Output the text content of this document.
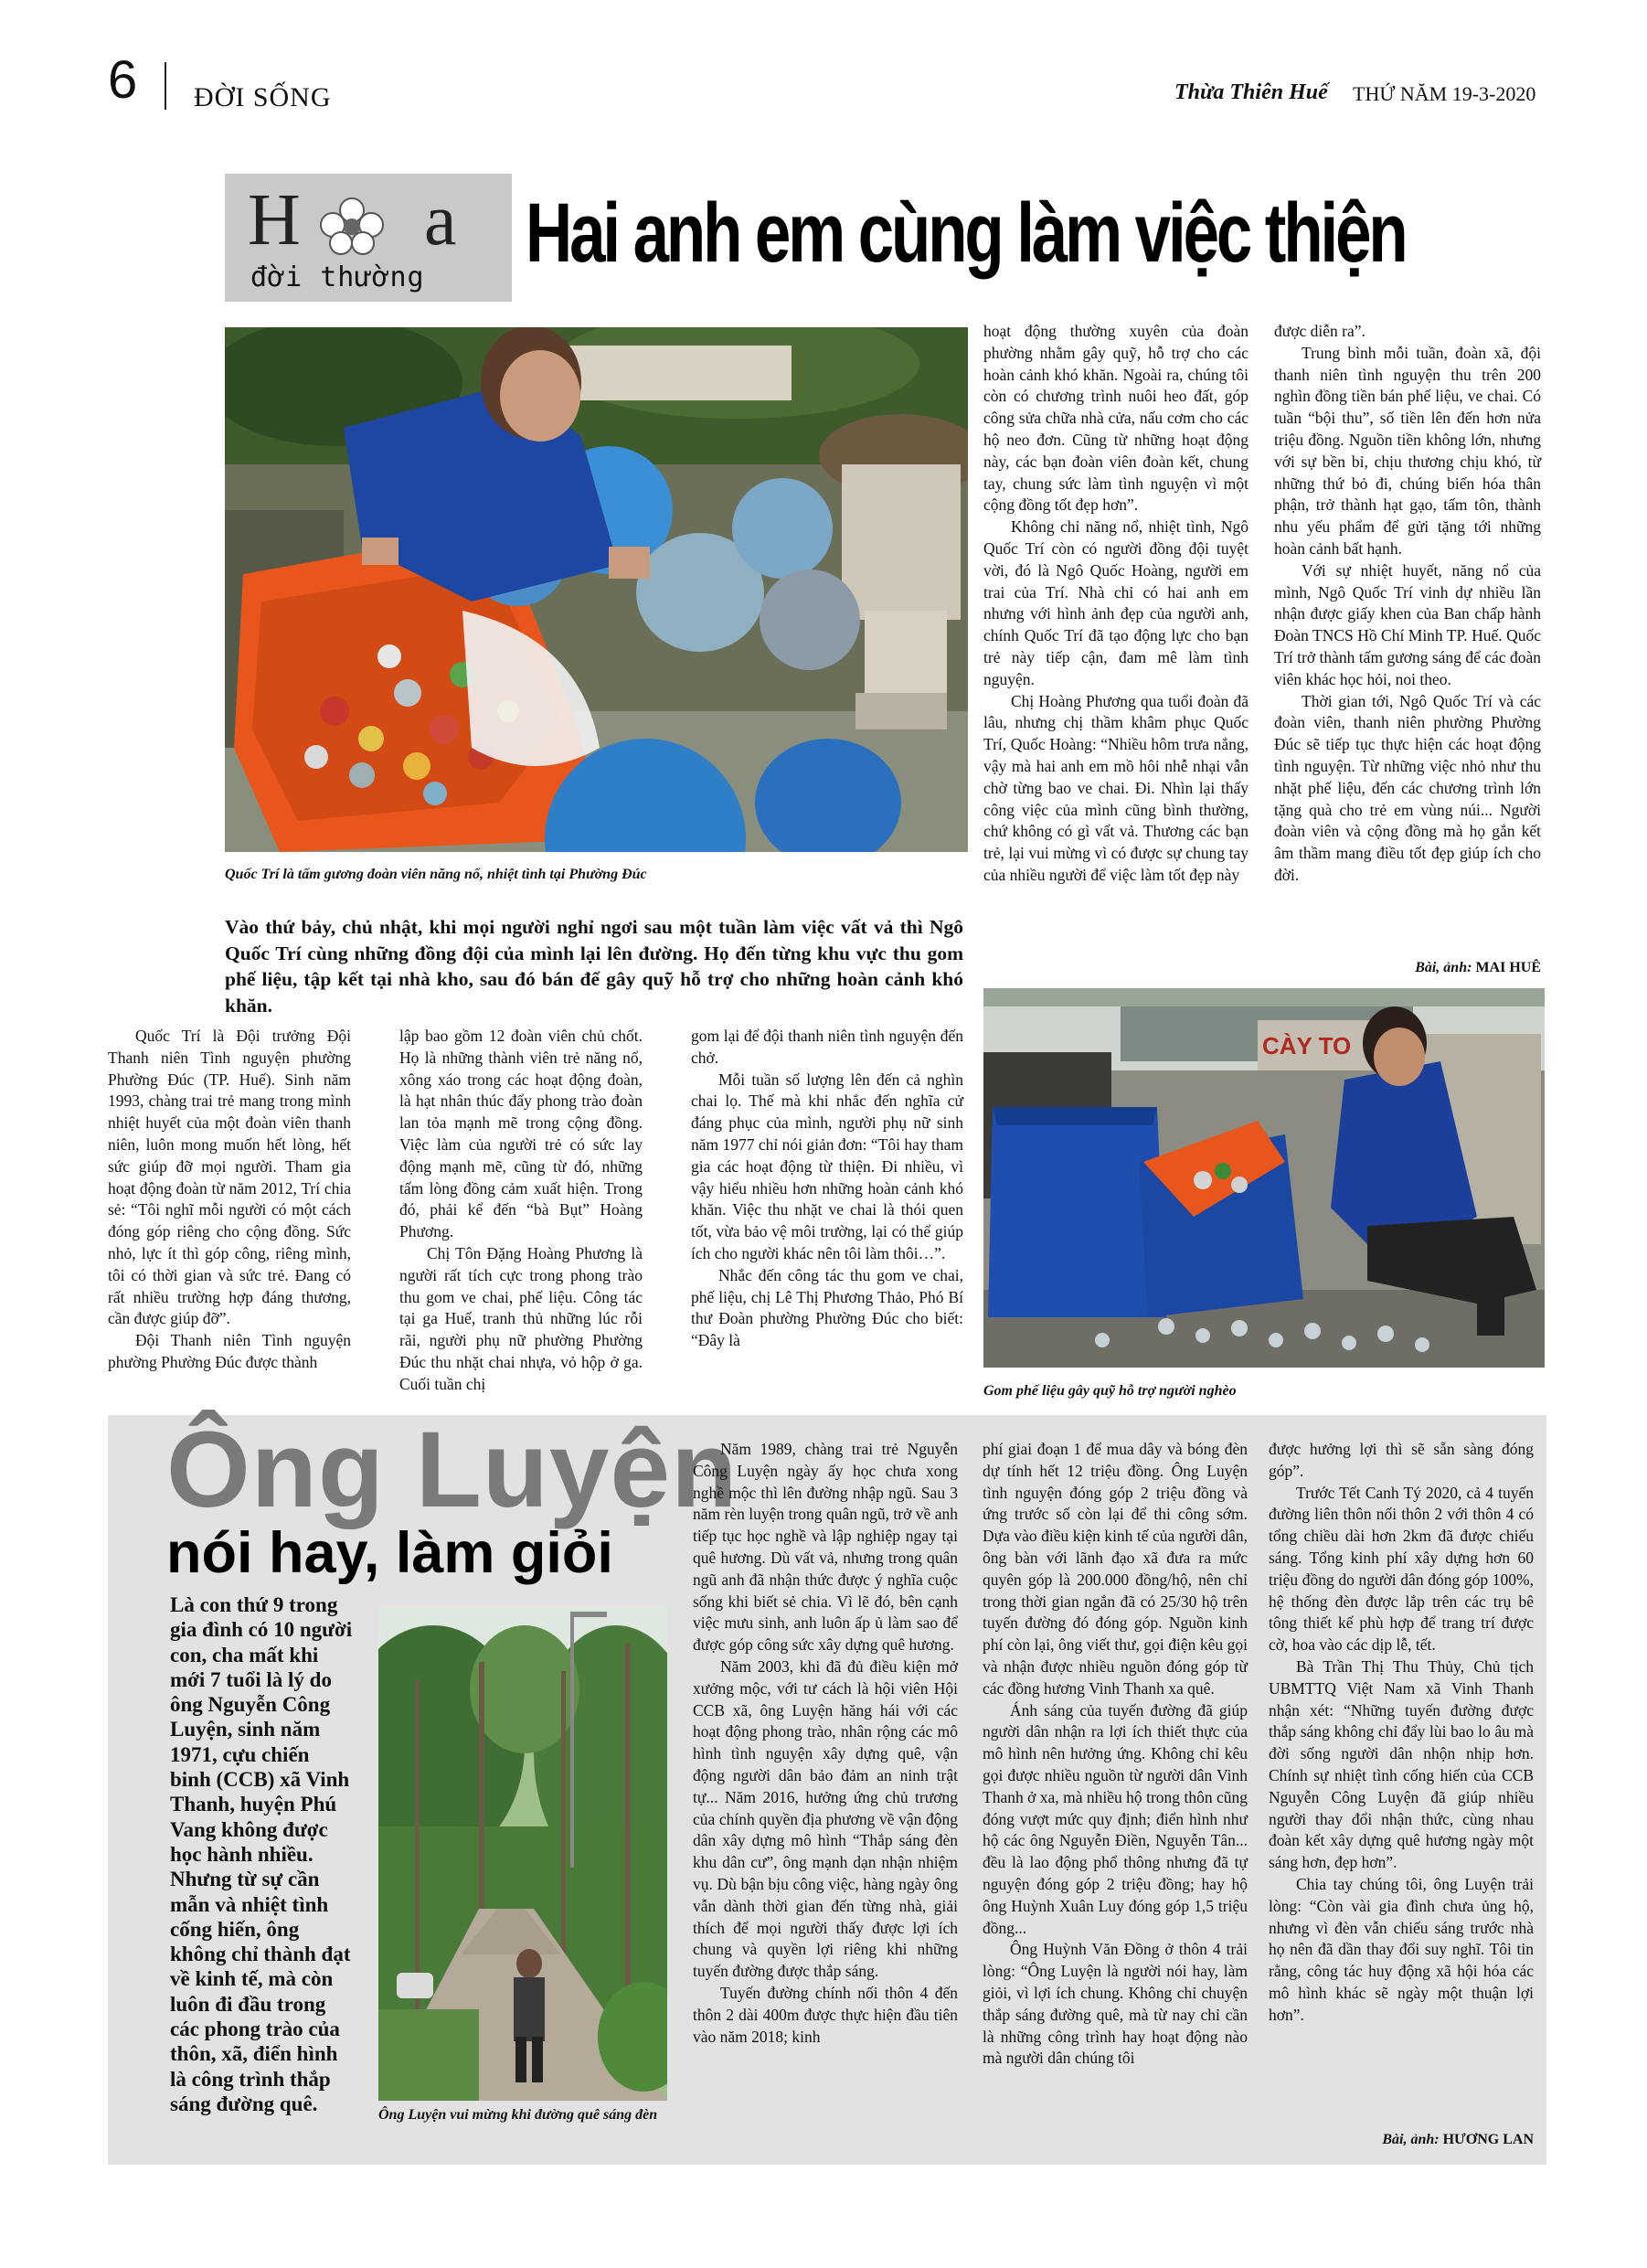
6 ĐỜI SỐNG	Thừa Thiên Huế THỨ NĂM 19-3-2020
H a
đời thường Hai anh em cùng làm việc thiện
Quốc Trí là tấm gương đoàn viên năng nổ, nhiệt tình tại Phường Đúc
Vào thứ bảy, chủ nhật, khi mọi người nghỉ ngơi sau một tuần làm việc vất vả thì Ngô Quốc Trí cùng những đồng đội của mình lại lên đường. Họ đến từng khu vực thu gom phế liệu, tập kết tại nhà kho, sau đó bán để gây quỹ hỗ trợ cho những hoàn cảnh khó khăn.

Quốc Trí là Đội trưởng Đội Thanh niên Tình nguyện phường Phường Đúc (TP. Huế). Sinh năm 1993, chàng trai trẻ mang trong mình nhiệt huyết của một đoàn viên thanh niên, luôn mong muốn hết lòng, hết sức giúp đỡ mọi người. Tham gia hoạt động đoàn từ năm 2012, Trí chia sẻ: “Tôi nghĩ mỗi người có một cách đóng góp riêng cho cộng đồng. Sức nhỏ, lực ít thì góp công, riêng mình, tôi có thời gian và sức trẻ. Đang có rất nhiều trường hợp đáng thương, cần được giúp đỡ”.

Đội Thanh niên Tình nguyện phường Phường Đúc được thành

lập bao gồm 12 đoàn viên chủ chốt. Họ là những thành viên trẻ năng nổ, xông xáo trong các hoạt động đoàn, là hạt nhân thúc đẩy phong trào đoàn lan tỏa mạnh mẽ trong cộng đồng. Việc làm của người trẻ có sức lay động mạnh mẽ, cũng từ đó, những tấm lòng đồng cảm xuất hiện. Trong đó, phải kể đến “bà Bụt” Hoàng Phương.

Chị Tôn Đặng Hoàng Phương là người rất tích cực trong phong trào thu gom ve chai, phế liệu. Công tác tại ga Huế, tranh thủ những lúc rỗi rãi, người phụ nữ phường Phường Đúc thu nhặt chai nhựa, vỏ hộp ở ga. Cuối tuần chị

gom lại để đội thanh niên tình nguyện đến chở.

Mỗi tuần số lượng lên đến cả nghìn chai lọ. Thế mà khi nhắc đến nghĩa cử đáng phục của mình, người phụ nữ sinh năm 1977 chỉ nói giản đơn: “Tôi hay tham gia các hoạt động từ thiện. Đi nhiều, vì vậy hiểu nhiều hơn những hoàn cảnh khó khăn. Việc thu nhặt ve chai là thói quen tốt, vừa bảo vệ môi trường, lại có thể giúp ích cho người khác nên tôi làm thôi…”.

Nhắc đến công tác thu gom ve chai, phế liệu, chị Lê Thị Phương Thảo, Phó Bí thư Đoàn phường Phường Đúc cho biết: “Đây là

hoạt động thường xuyên của đoàn phường nhằm gây quỹ, hỗ trợ cho các hoàn cảnh khó khăn. Ngoài ra, chúng tôi còn có chương trình nuôi heo đất, góp công sửa chữa nhà cửa, nấu cơm cho các hộ neo đơn. Cũng từ những hoạt động này, các bạn đoàn viên đoàn kết, chung tay, chung sức làm tình nguyện vì một cộng đồng tốt đẹp hơn”.

Không chỉ năng nổ, nhiệt tình, Ngô Quốc Trí còn có người đồng đội tuyệt vời, đó là Ngô Quốc Hoàng, người em trai của Trí. Nhà chỉ có hai anh em nhưng với hình ảnh đẹp của người anh, chính Quốc Trí đã tạo động lực cho bạn trẻ này tiếp cận, đam mê làm tình nguyện.

Chị Hoàng Phương qua tuổi đoàn đã lâu, nhưng chị thầm khâm phục Quốc Trí, Quốc Hoàng: “Nhiều hôm trưa nắng, vậy mà hai anh em mồ hôi nhễ nhại vẫn chờ từng bao ve chai. Đi. Nhìn lại thấy công việc của mình cũng bình thường, chứ không có gì vất vả. Thương các bạn trẻ, lại vui mừng vì có được sự chung tay của nhiều người để việc làm tốt đẹp này

được diễn ra”.

Trung bình mỗi tuần, đoàn xã, đội thanh niên tình nguyện thu trên 200 nghìn đồng tiền bán phế liệu, ve chai. Có tuần “bội thu”, số tiền lên đến hơn nửa triệu đồng. Nguồn tiền không lớn, nhưng với sự bền bỉ, chịu thương chịu khó, từ những thứ bỏ đi, chúng biến hóa thân phận, trở thành hạt gạo, tấm tôn, thành nhu yếu phẩm để gửi tặng tới những hoàn cảnh bất hạnh.

Với sự nhiệt huyết, năng nổ của mình, Ngô Quốc Trí vinh dự nhiều lần nhận được giấy khen của Ban chấp hành Đoàn TNCS Hồ Chí Minh TP. Huế. Quốc Trí trở thành tấm gương sáng để các đoàn viên khác học hỏi, noi theo.

Thời gian tới, Ngô Quốc Trí và các đoàn viên, thanh niên phường Phường Đúc sẽ tiếp tục thực hiện các hoạt động tình nguyện. Từ những việc nhỏ như thu nhặt phế liệu, đến các chương trình lớn tặng quà cho trẻ em vùng núi... Người đoàn viên và cộng đồng mà họ gắn kết âm thầm mang điều tốt đẹp giúp ích cho đời.

Bài, ảnh: MAI HUÊ
CÀY TO
Gom phế liệu gây quỹ hỗ trợ người nghèo
Ông Luyện
nói hay, làm giỏi
Là con thứ 9 trong gia đình có 10 người con, cha mất khi mới 7 tuổi là lý do ông Nguyễn Công Luyện, sinh năm 1971, cựu chiến binh (CCB) xã Vinh Thanh, huyện Phú Vang không được học hành nhiều. Nhưng từ sự cần mẫn và nhiệt tình cống hiến, ông không chỉ thành đạt về kinh tế, mà còn luôn đi đầu trong các phong trào của thôn, xã, điển hình là công trình thắp sáng đường quê.	Ông Luyện vui mừng khi đường quê sáng đèn

Năm 1989, chàng trai trẻ Nguyễn Công Luyện ngày ấy học chưa xong nghề mộc thì lên đường nhập ngũ. Sau 3 năm rèn luyện trong quân ngũ, trở về anh tiếp tục học nghề và lập nghiệp ngay tại quê hương. Dù vất vả, nhưng trong quân ngũ anh đã nhận thức được ý nghĩa cuộc sống khi biết sẻ chia. Vì lẽ đó, bên cạnh việc mưu sinh, anh luôn ấp ủ làm sao để được góp công sức xây dựng quê hương.

Năm 2003, khi đã đủ điều kiện mở xưởng mộc, với tư cách là hội viên Hội CCB xã, ông Luyện hăng hái với các hoạt động phong trào, nhân rộng các mô hình tình nguyện xây dựng quê, vận động người dân bảo đảm an ninh trật tự... Năm 2016, hưởng ứng chủ trương của chính quyền địa phương về vận động dân xây dựng mô hình “Thắp sáng đèn khu dân cư”, ông mạnh dạn nhận nhiệm vụ. Dù bận bịu công việc, hàng ngày ông vẫn dành thời gian đến từng nhà, giải thích để mọi người thấy được lợi ích chung và quyền lợi riêng khi những tuyến đường được thắp sáng.

Tuyến đường chính nối thôn 4 đến thôn 2 dài 400m được thực hiện đầu tiên vào năm 2018; kinh

phí giai đoạn 1 để mua dây và bóng đèn dự tính hết 12 triệu đồng. Ông Luyện tình nguyện đóng góp 2 triệu đồng và ứng trước số còn lại để thi công sớm. Dựa vào điều kiện kinh tế của người dân, ông bàn với lãnh đạo xã đưa ra mức quyên góp là 200.000 đồng/hộ, nên chỉ trong thời gian ngắn đã có 25/30 hộ trên tuyến đường đó đóng góp. Nguồn kinh phí còn lại, ông viết thư, gọi điện kêu gọi và nhận được nhiều nguồn đóng góp từ các đồng hương Vinh Thanh xa quê.

Ánh sáng của tuyến đường đã giúp người dân nhận ra lợi ích thiết thực của mô hình nên hưởng ứng. Không chỉ kêu gọi được nhiều nguồn từ người dân Vinh Thanh ở xa, mà nhiều hộ trong thôn cũng đóng vượt mức quy định; điển hình như hộ các ông Nguyễn Điền, Nguyễn Tân... đều là lao động phổ thông nhưng đã tự nguyện đóng góp 2 triệu đồng; hay hộ ông Huỳnh Xuân Luy đóng góp 1,5 triệu đồng...

Ông Huỳnh Văn Đồng ở thôn 4 trải lòng: “Ông Luyện là người nói hay, làm giỏi, vì lợi ích chung. Không chỉ chuyện thắp sáng đường quê, mà từ nay chỉ cần là những công trình hay hoạt động nào mà người dân chúng tôi

được hưởng lợi thì sẽ sẵn sàng đóng góp”.

Trước Tết Canh Tý 2020, cả 4 tuyến đường liên thôn nối thôn 2 với thôn 4 có tổng chiều dài hơn 2km đã được chiếu sáng. Tổng kinh phí xây dựng hơn 60 triệu đồng do người dân đóng góp 100%, hệ thống đèn được lắp trên các trụ bê tông thiết kế phù hợp để trang trí được cờ, hoa vào các dịp lễ, tết.

Bà Trần Thị Thu Thủy, Chủ tịch UBMTTQ Việt Nam xã Vinh Thanh nhận xét: “Những tuyến đường được thắp sáng không chỉ đẩy lùi bao lo âu mà đời sống người dân nhộn nhịp hơn. Chính sự nhiệt tình cống hiến của CCB Nguyễn Công Luyện đã giúp nhiều người thay đổi nhận thức, cùng nhau đoàn kết xây dựng quê hương ngày một sáng hơn, đẹp hơn”.

Chia tay chúng tôi, ông Luyện trải lòng: “Còn vài gia đình chưa ủng hộ, nhưng vì đèn vẫn chiếu sáng trước nhà họ nên đã dần thay đổi suy nghĩ. Tôi tin rằng, công tác huy động xã hội hóa các mô hình khác sẽ ngày một thuận lợi hơn”.

Bài, ảnh: HƯƠNG LAN
